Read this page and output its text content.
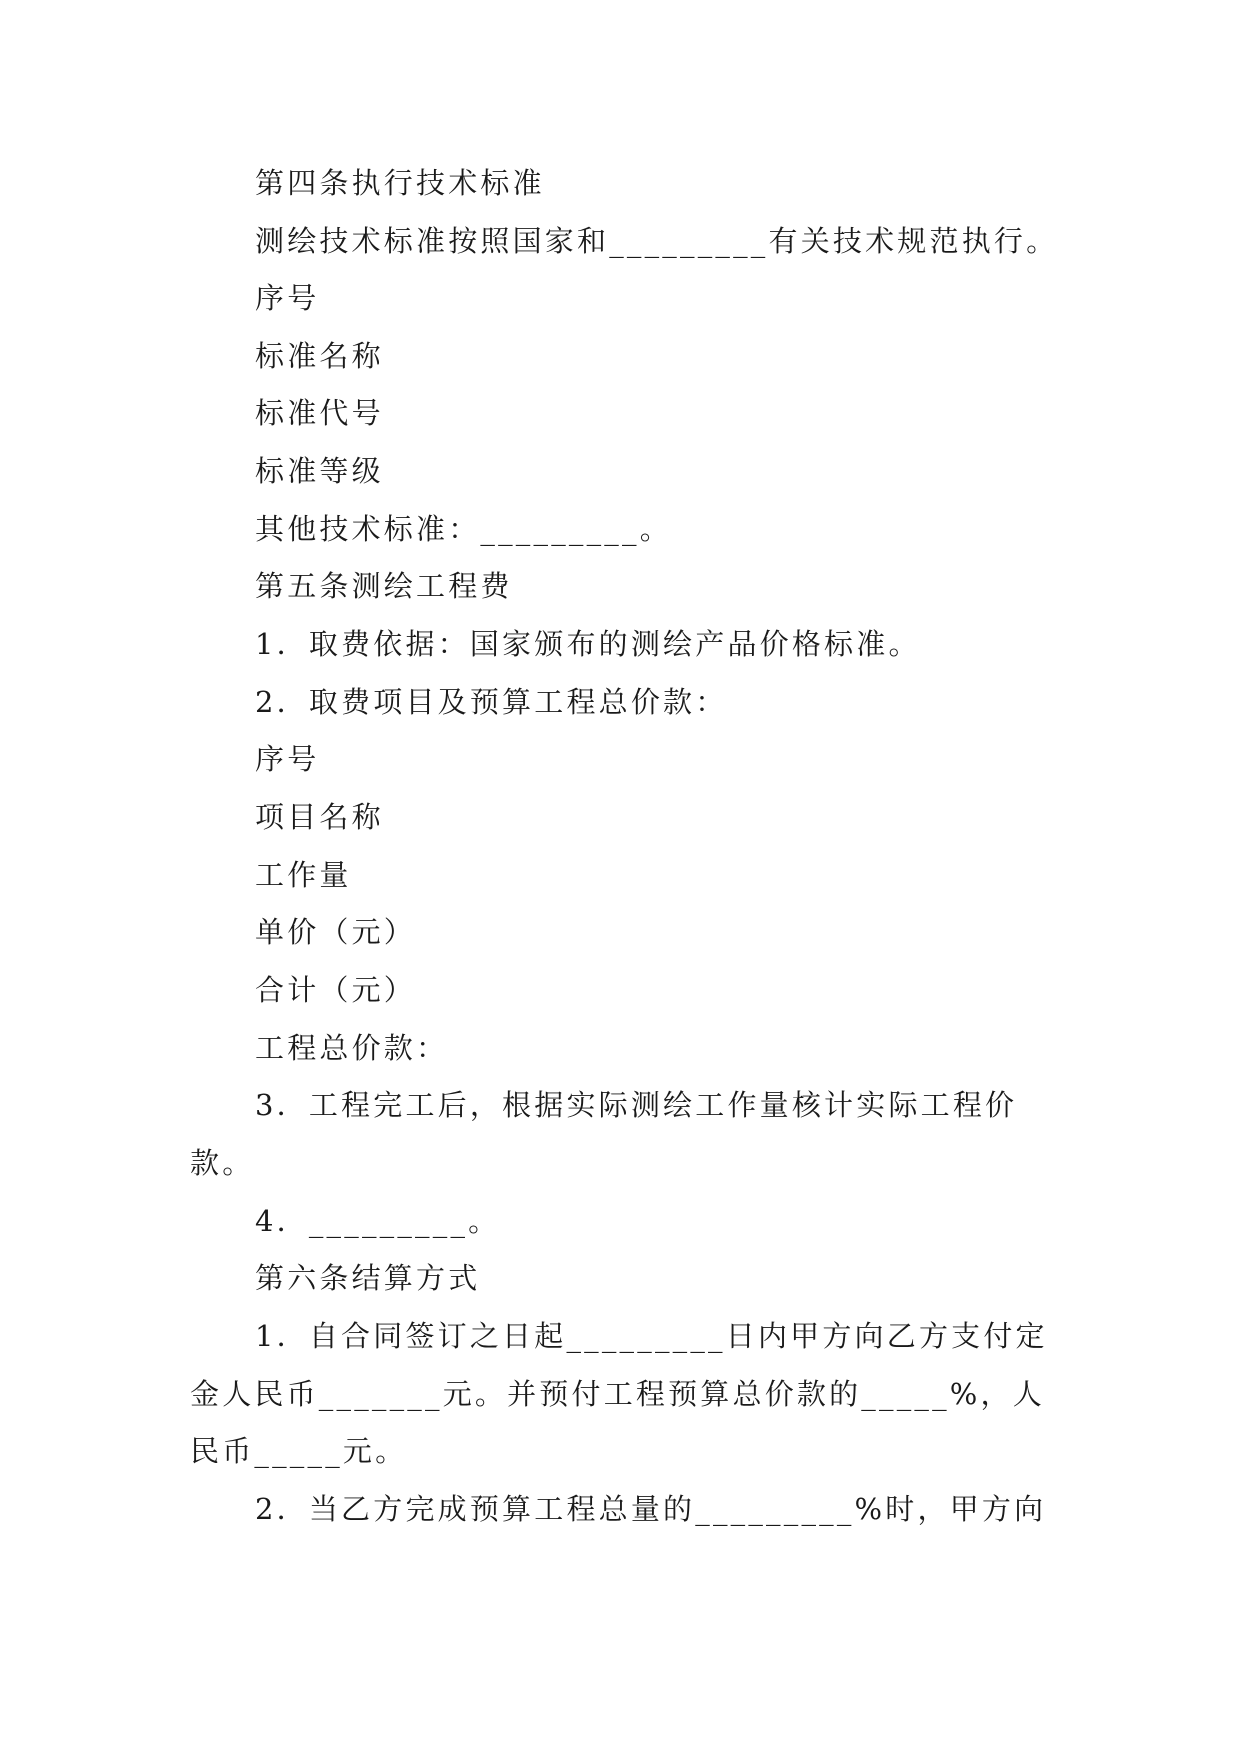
第四条执行技术标准
测绘技术标准按照国家和_________有关技术规范执行。
序号
标准名称
标准代号
标准等级
其他技术标准：_________。
第五条测绘工程费
1．取费依据：国家颁布的测绘产品价格标准。
2．取费项目及预算工程总价款：
序号
项目名称
工作量
单价（元）
合计（元）
工程总价款：
3．工程完工后，根据实际测绘工作量核计实际工程价
款。
4．_________。
第六条结算方式
1．自合同签订之日起_________日内甲方向乙方支付定
金人民币_______元。并预付工程预算总价款的_____%，人
民币_____元。
2．当乙方完成预算工程总量的_________%时，甲方向
